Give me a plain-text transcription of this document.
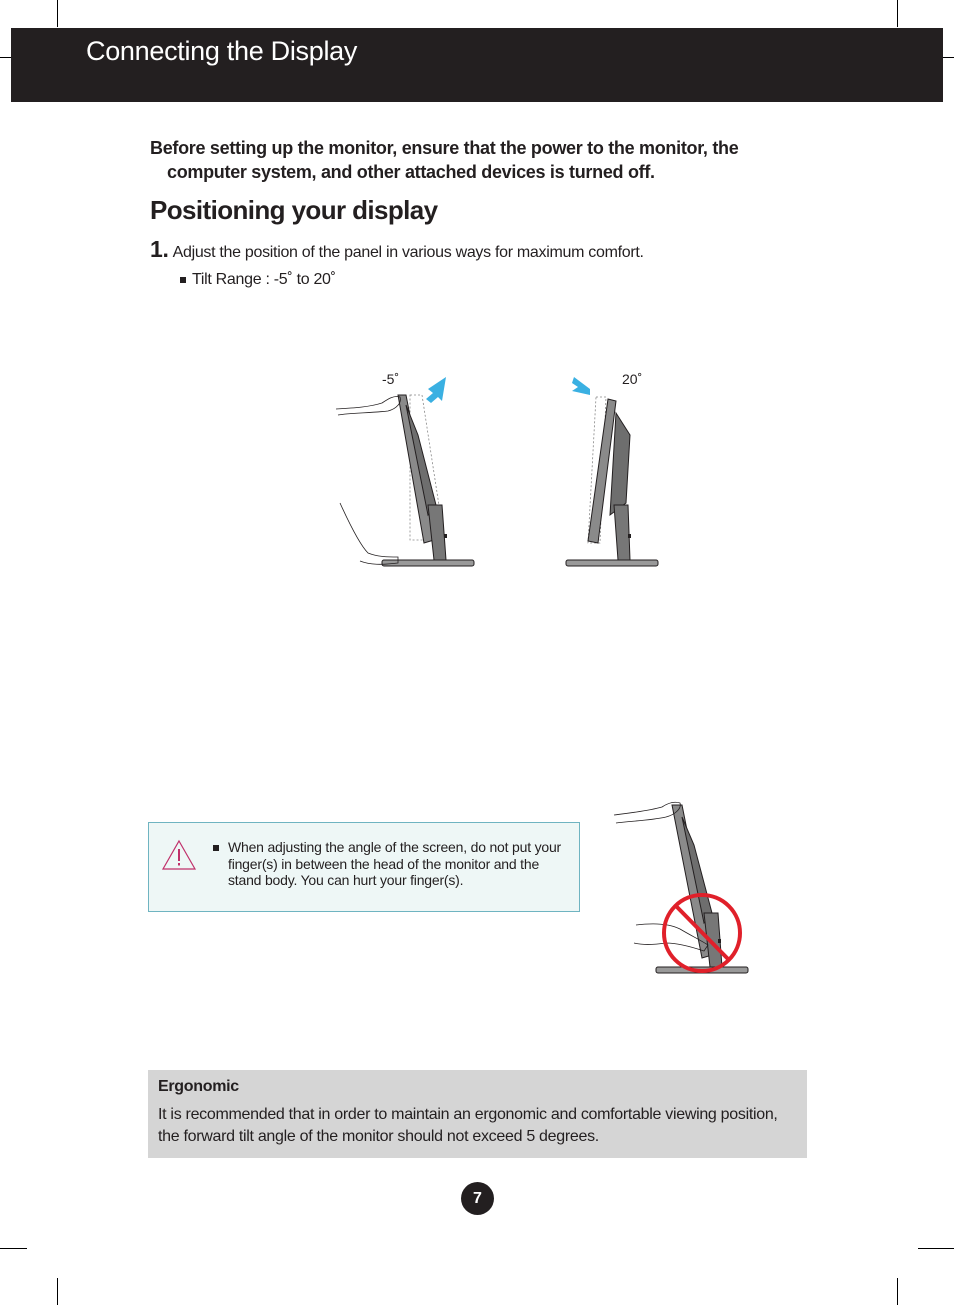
Connecting the Display
Before setting up the monitor, ensure that the power to the monitor, the computer system, and other attached devices is turned off.
Positioning your display
1. Adjust the position of the panel in various ways for maximum comfort.
Tilt Range : -5˚ to 20˚
-5˚	20˚
When adjusting the angle of the screen, do not put your finger(s) in between the head of the monitor and the stand body. You can hurt your finger(s).
Ergonomic
It is recommended that in order to maintain an ergonomic and comfortable viewing position, the forward tilt angle of the monitor should not exceed 5 degrees.
7
